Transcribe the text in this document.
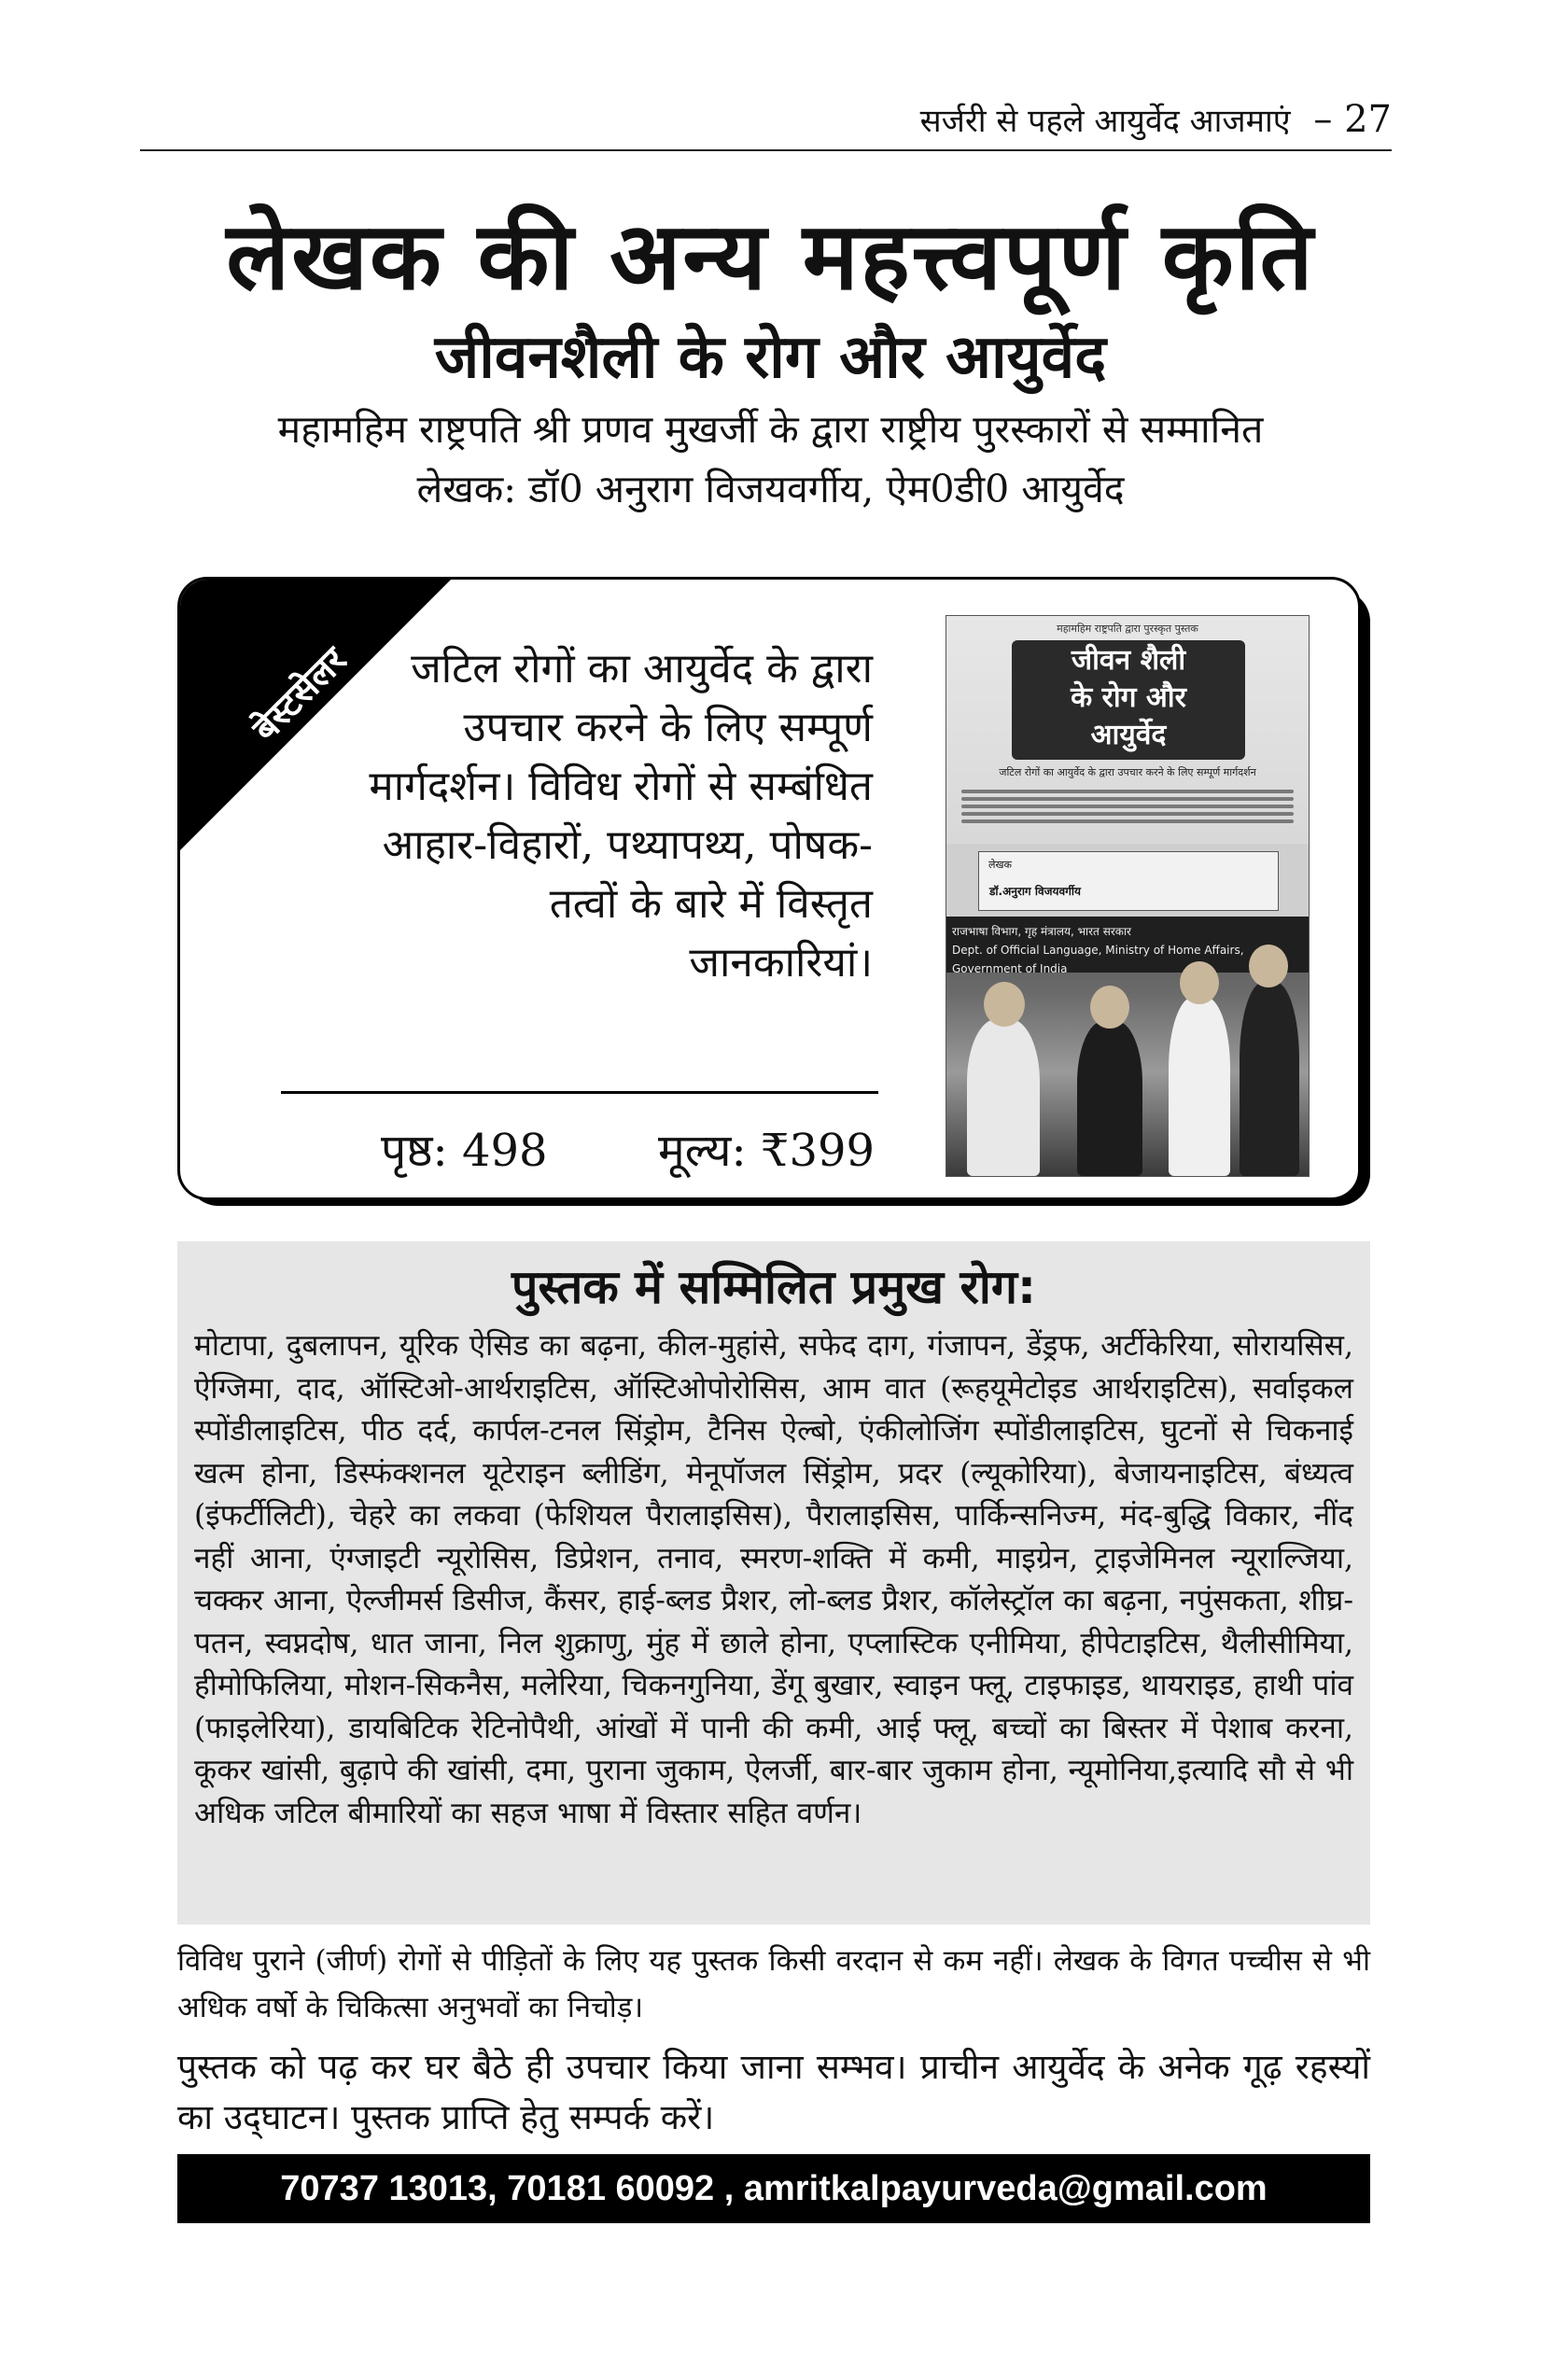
सर्जरी से पहले आयुर्वेद आजमाएं – 27
लेखक की अन्य महत्त्वपूर्ण कृति
जीवनशैली के रोग और आयुर्वेद
महामहिम राष्ट्रपति श्री प्रणव मुखर्जी के द्वारा राष्ट्रीय पुरस्कारों से सम्मानित
लेखक: डॉ0 अनुराग विजयवर्गीय, ऐम0डी0 आयुर्वेद
बेस्टसेलर	जटिल रोगों का आयुर्वेद के द्वारा उपचार करने के लिए सम्पूर्ण मार्गदर्शन। विविध रोगों से सम्बंधित आहार-विहारों, पथ्यापथ्य, पोषक-तत्वों के बारे में विस्तृत जानकारियां।
पृष्ठ: 498 मूल्य: ₹399
महामहिम राष्ट्रपति द्वारा पुरस्कृत पुस्तक
जीवन शैली
के रोग और
आयुर्वेद
जटिल रोगों का आयुर्वेद के द्वारा उपचार करने के लिए सम्पूर्ण मार्गदर्शन
लेखक
डॉ.अनुराग विजयवर्गीय
राजभाषा विभाग, गृह मंत्रालय, भारत सरकार
Dept. of Official Language, Ministry of Home Affairs, Government of India
पुस्तक में सम्मिलित प्रमुख रोग:
मोटापा, दुबलापन, यूरिक ऐसिड का बढ़ना, कील-मुहांसे, सफेद दाग, गंजापन, डेंड्रफ, अर्टीकेरिया, सोरायसिस, ऐग्जिमा, दाद, ऑस्टिओ-आर्थराइटिस, ऑस्टिओपोरोसिस, आम वात (रूहयूमेटोइड आर्थराइटिस), सर्वाइकल स्पोंडीलाइटिस, पीठ दर्द, कार्पल-टनल सिंड्रोम, टैनिस ऐल्बो, एंकीलोजिंग स्पोंडीलाइटिस, घुटनों से चिकनाई खत्म होना, डिस्फंक्शनल यूटेराइन ब्लीडिंग, मेनूपॉजल सिंड्रोम, प्रदर (ल्यूकोरिया), बेजायनाइटिस, बंध्यत्व (इंफर्टीलिटी), चेहरे का लकवा (फेशियल पैरालाइसिस), पैरालाइसिस, पार्किन्सनिज्म, मंद-बुद्धि विकार, नींद नहीं आना, एंग्जाइटी न्यूरोसिस, डिप्रेशन, तनाव, स्मरण-शक्ति में कमी, माइग्रेन, ट्राइजेमिनल न्यूराल्जिया, चक्कर आना, ऐल्जीमर्स डिसीज, कैंसर, हाई-ब्लड प्रैशर, लो-ब्लड प्रैशर, कॉलेस्ट्रॉल का बढ़ना, नपुंसकता, शीघ्र-पतन, स्वप्नदोष, धात जाना, निल शुक्राणु, मुंह में छाले होना, एप्लास्टिक एनीमिया, हीपेटाइटिस, थैलीसीमिया, हीमोफिलिया, मोशन-सिकनैस, मलेरिया, चिकनगुनिया, डेंगू बुखार, स्वाइन फ्लू, टाइफाइड, थायराइड, हाथी पांव (फाइलेरिया), डायबिटिक रेटिनोपैथी, आंखों में पानी की कमी, आई फ्लू, बच्चों का बिस्तर में पेशाब करना, कूकर खांसी, बुढ़ापे की खांसी, दमा, पुराना जुकाम, ऐलर्जी, बार-बार जुकाम होना, न्यूमोनिया,इत्यादि सौ से भी अधिक जटिल बीमारियों का सहज भाषा में विस्तार सहित वर्णन।
विविध पुराने (जीर्ण) रोगों से पीड़ितों के लिए यह पुस्तक किसी वरदान से कम नहीं। लेखक के विगत पच्चीस से भी अधिक वर्षो के चिकित्सा अनुभवों का निचोड़।
पुस्तक को पढ़ कर घर बैठे ही उपचार किया जाना सम्भव। प्राचीन आयुर्वेद के अनेक गूढ़ रहस्यों का उद्‌घाटन। पुस्तक प्राप्ति हेतु सम्पर्क करें।
70737 13013, 70181 60092 , amritkalpayurveda@gmail.com
